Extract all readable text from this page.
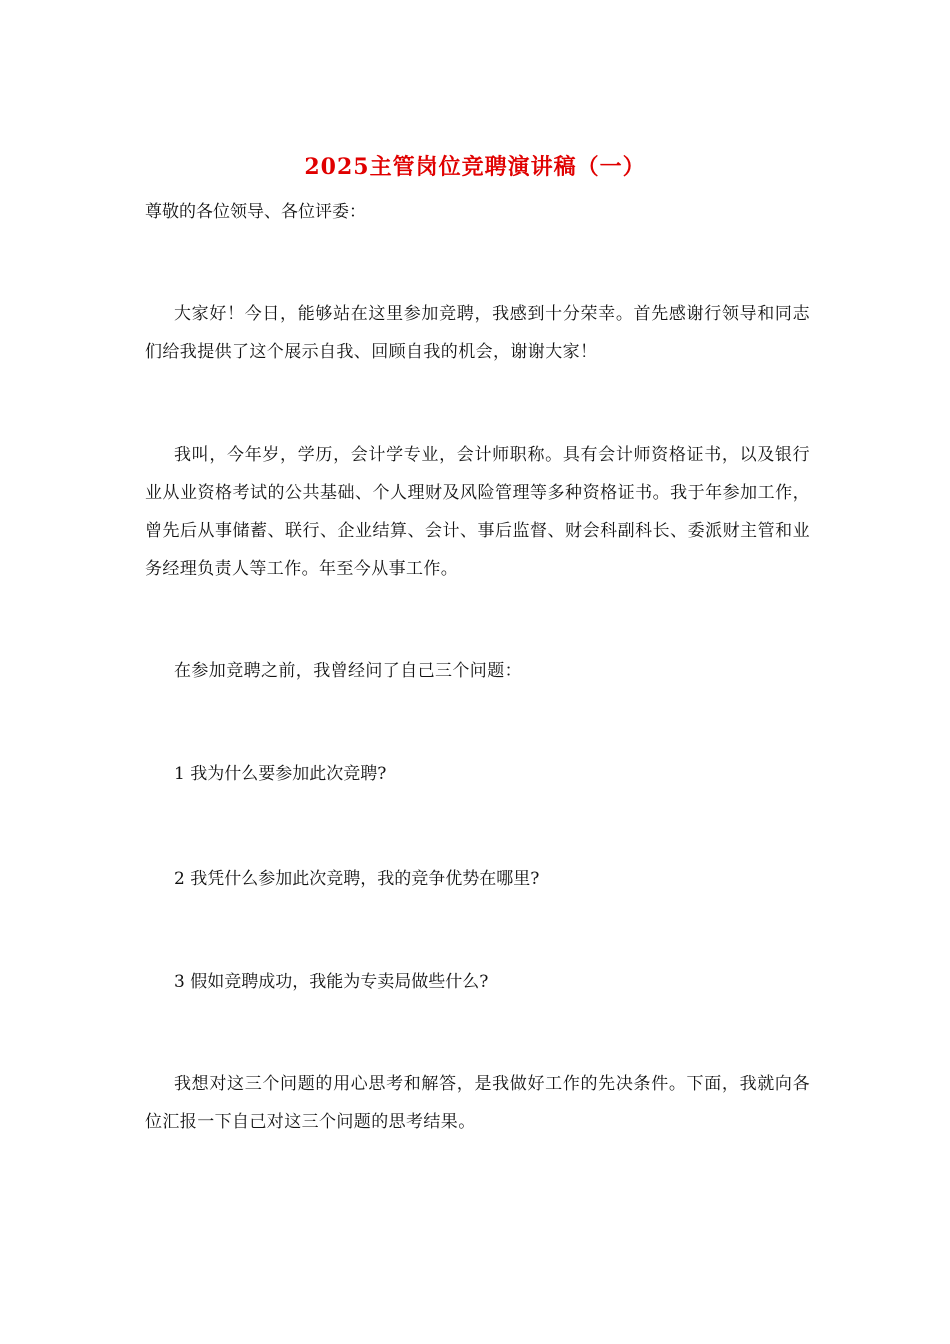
2025主管岗位竞聘演讲稿（一）
尊敬的各位领导、各位评委：

大家好！今日，能够站在这里参加竞聘，我感到十分荣幸。首先感谢行领导和同志们给我提供了这个展示自我、回顾自我的机会，谢谢大家！

我叫，今年岁，学历，会计学专业，会计师职称。具有会计师资格证书，以及银行业从业资格考试的公共基础、个人理财及风险管理等多种资格证书。我于年参加工作，曾先后从事储蓄、联行、企业结算、会计、事后监督、财会科副科长、委派财主管和业务经理负责人等工作。年至今从事工作。

在参加竞聘之前，我曾经问了自己三个问题：

1 我为什么要参加此次竞聘?

2 我凭什么参加此次竞聘，我的竞争优势在哪里?

3 假如竞聘成功，我能为专卖局做些什么?

我想对这三个问题的用心思考和解答，是我做好工作的先决条件。下面，我就向各位汇报一下自己对这三个问题的思考结果。
